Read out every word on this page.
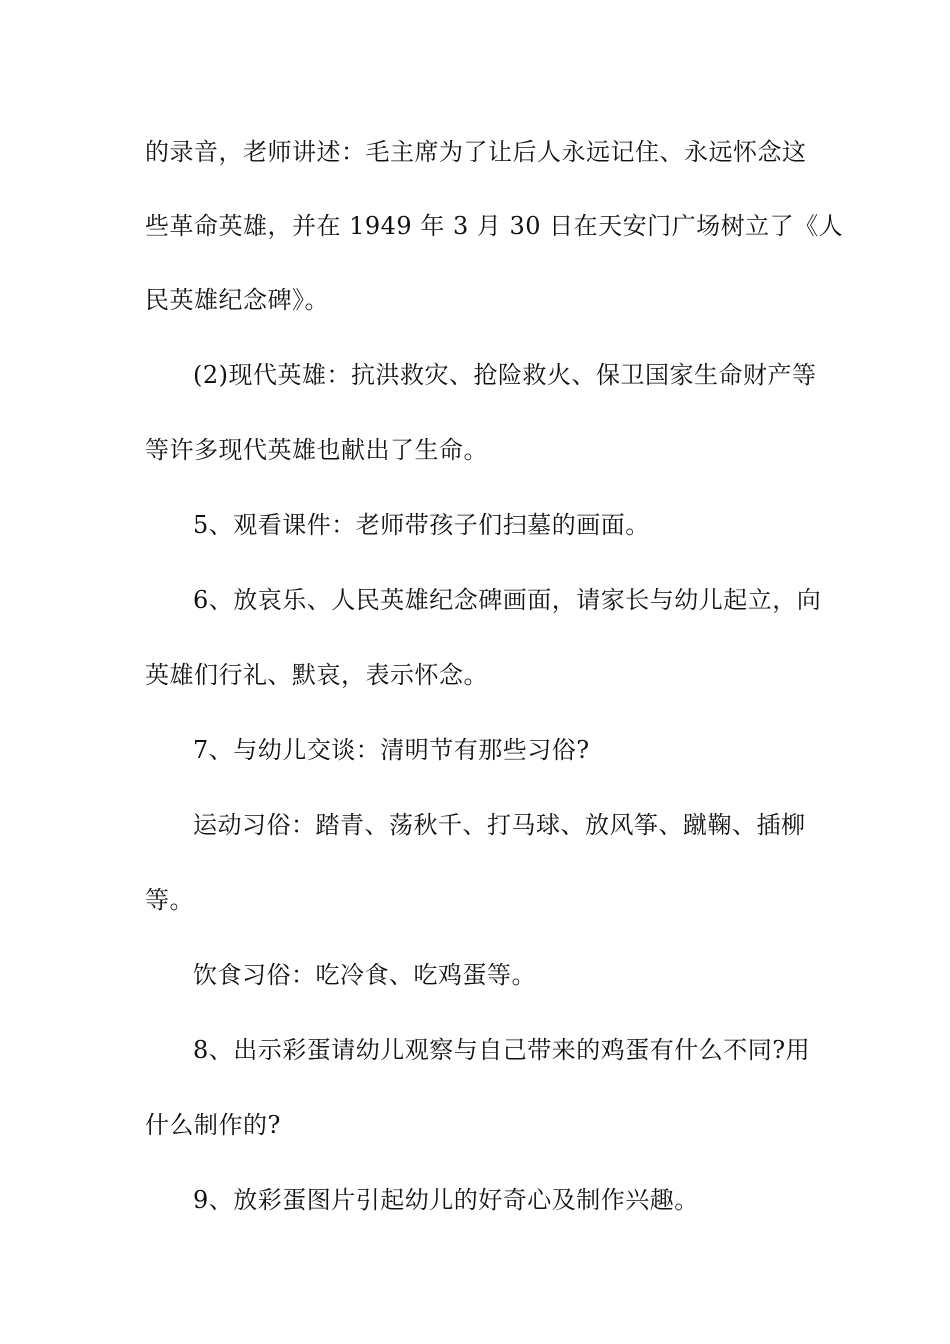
的录音，老师讲述：毛主席为了让后人永远记住、永远怀念这
些革命英雄，并在 1949 年 3 月 30 日在天安门广场树立了《人
民英雄纪念碑》。
(2)现代英雄：抗洪救灾、抢险救火、保卫国家生命财产等
等许多现代英雄也献出了生命。
5、观看课件：老师带孩子们扫墓的画面。
6、放哀乐、人民英雄纪念碑画面，请家长与幼儿起立，向
英雄们行礼、默哀，表示怀念。
7、与幼儿交谈：清明节有那些习俗?
运动习俗：踏青、荡秋千、打马球、放风筝、蹴鞠、插柳
等。
饮食习俗：吃冷食、吃鸡蛋等。
8、出示彩蛋请幼儿观察与自己带来的鸡蛋有什么不同?用
什么制作的?
9、放彩蛋图片引起幼儿的好奇心及制作兴趣。
